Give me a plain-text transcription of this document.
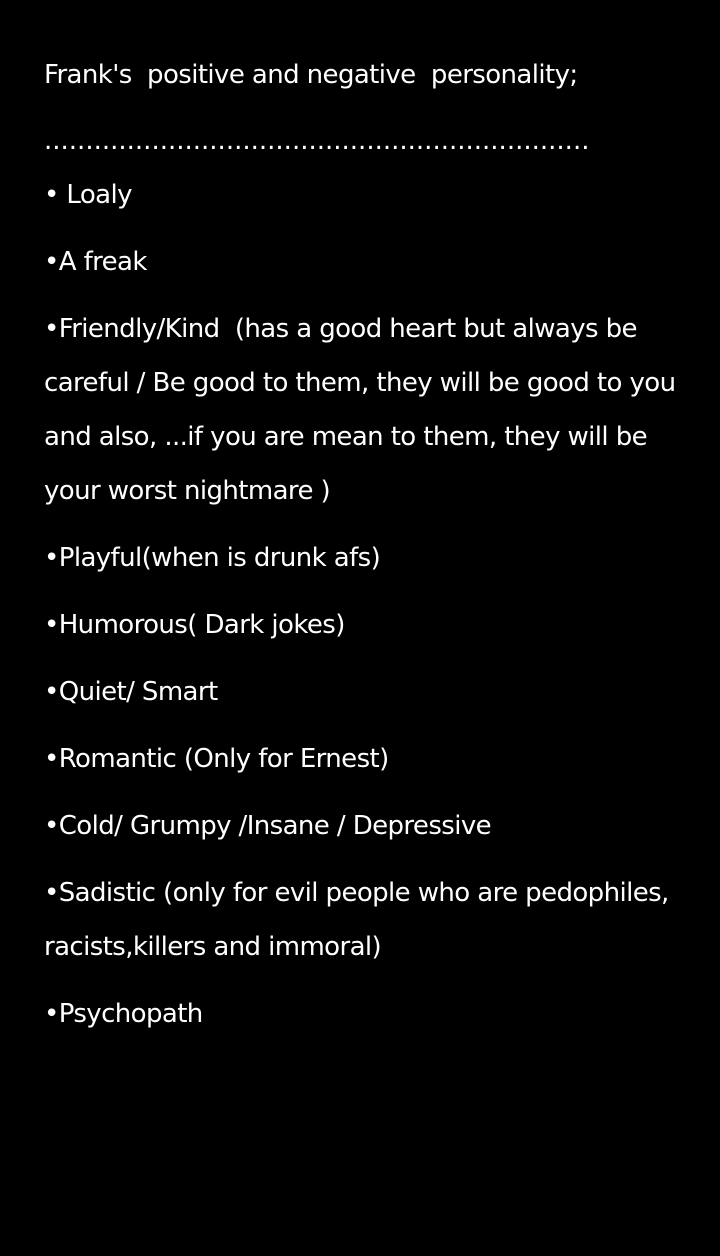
Frank's  positive and negative  personality;

..................................................................

• Loaly

•A freak

•Friendly/Kind  (has a good heart but always be careful / Be good to them, they will be good to you and also, ...if you are mean to them, they will be your worst nightmare )

•Playful(when is drunk afs)

•Humorous( Dark jokes)

•Quiet/ Smart

•Romantic (Only for Ernest)

•Cold/ Grumpy /Insane / Depressive

•Sadistic (only for evil people who are pedophiles, racists,killers and immoral)

•Psychopath
